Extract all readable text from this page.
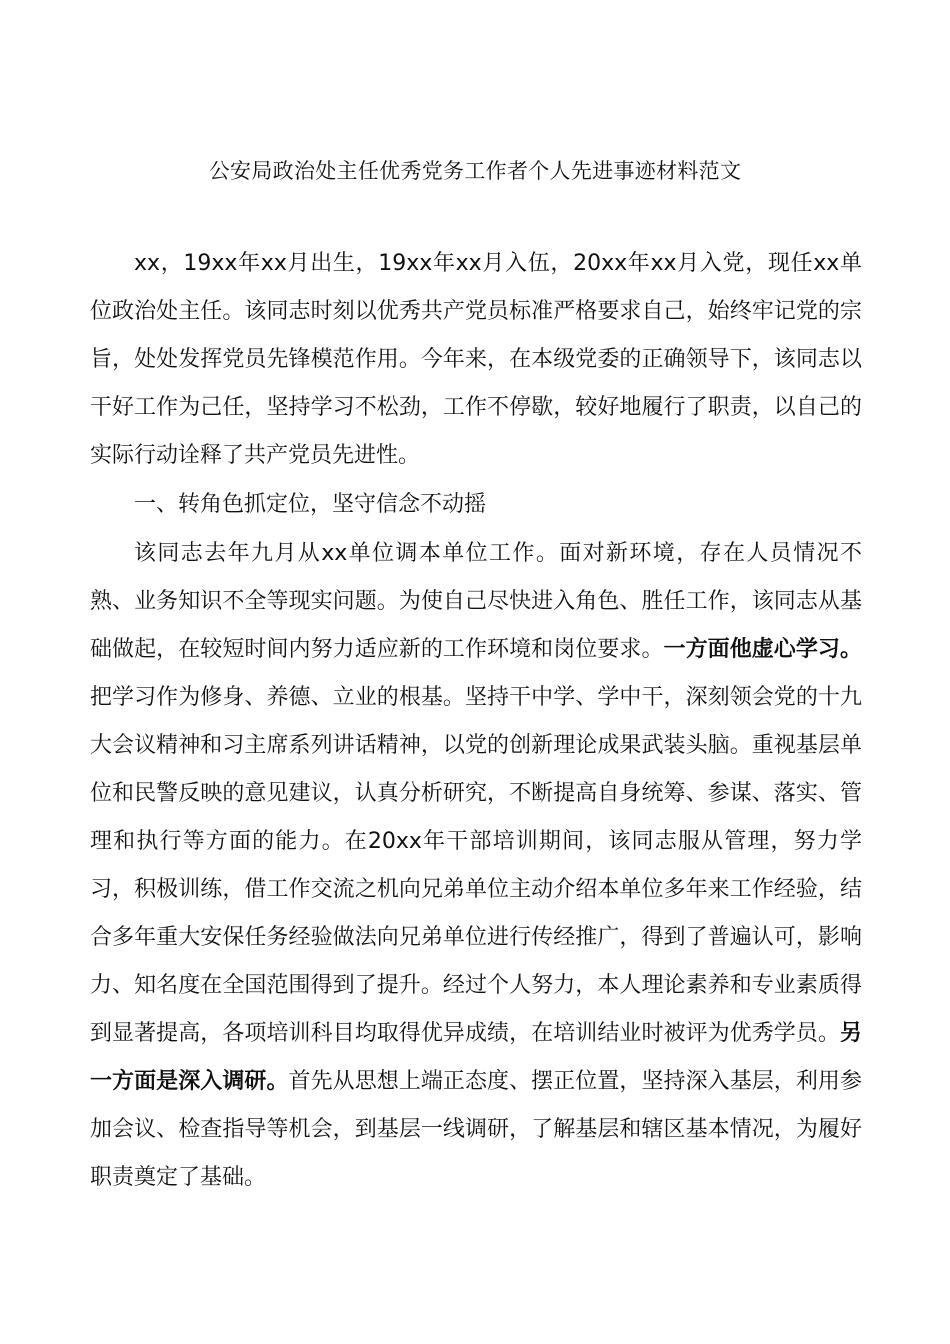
公安局政治处主任优秀党务工作者个人先进事迹材料范文

xx，19xx年xx月出生，19xx年xx月入伍，20xx年xx月入党，现任xx单位政治处主任。该同志时刻以优秀共产党员标准严格要求自己，始终牢记党的宗旨，处处发挥党员先锋模范作用。今年来，在本级党委的正确领导下，该同志以干好工作为己任，坚持学习不松劲，工作不停歇，较好地履行了职责，以自己的实际行动诠释了共产党员先进性。

一、转角色抓定位，坚守信念不动摇

该同志去年九月从xx单位调本单位工作。面对新环境，存在人员情况不熟、业务知识不全等现实问题。为使自己尽快进入角色、胜任工作，该同志从基础做起，在较短时间内努力适应新的工作环境和岗位要求。一方面他虚心学习。把学习作为修身、养德、立业的根基。坚持干中学、学中干，深刻领会党的十九大会议精神和习主席系列讲话精神，以党的创新理论成果武装头脑。重视基层单位和民警反映的意见建议，认真分析研究，不断提高自身统筹、参谋、落实、管理和执行等方面的能力。在20xx年干部培训期间，该同志服从管理，努力学习，积极训练，借工作交流之机向兄弟单位主动介绍本单位多年来工作经验，结合多年重大安保任务经验做法向兄弟单位进行传经推广，得到了普遍认可，影响力、知名度在全国范围得到了提升。经过个人努力，本人理论素养和专业素质得到显著提高，各项培训科目均取得优异成绩，在培训结业时被评为优秀学员。另一方面是深入调研。首先从思想上端正态度、摆正位置，坚持深入基层，利用参加会议、检查指导等机会，到基层一线调研，了解基层和辖区基本情况，为履好职责奠定了基础。
